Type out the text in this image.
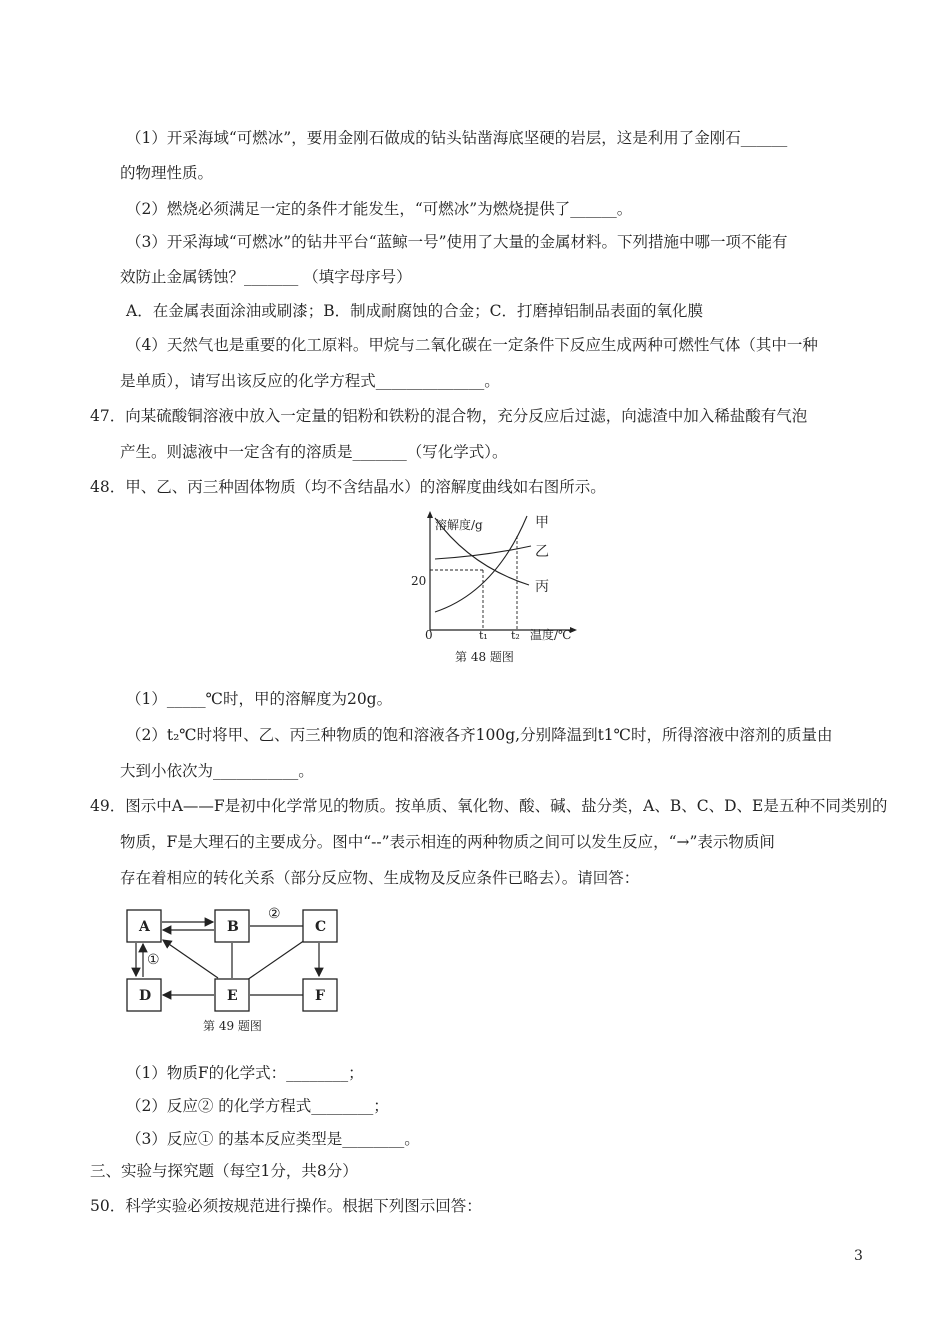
（1）开采海域“可燃冰”，要用金刚石做成的钻头钻凿海底坚硬的岩层，这是利用了金刚石______
的物理性质。
（2）燃烧必须满足一定的条件才能发生，“可燃冰”为燃烧提供了______。
（3）开采海域“可燃冰”的钻井平台“蓝鲸一号”使用了大量的金属材料。下列措施中哪一项不能有
效防止金属锈蚀？_______ （填字母序号）
A．在金属表面涂油或刷漆；B．制成耐腐蚀的合金；C．打磨掉铝制品表面的氧化膜
（4）天然气也是重要的化工原料。甲烷与二氧化碳在一定条件下反应生成两种可燃性气体（其中一种
是单质），请写出该反应的化学方程式______________。
47．向某硫酸铜溶液中放入一定量的铝粉和铁粉的混合物，充分反应后过滤，向滤渣中加入稀盐酸有气泡
产生。则滤液中一定含有的溶质是_______（写化学式）。
48．甲、乙、丙三种固体物质（均不含结晶水）的溶解度曲线如右图所示。
溶解度/g
20
0	t₁ t₂ 温度/℃
甲
乙
丙
第 48 题图
（1）_____℃时，甲的溶解度为20g。
（2）t₂℃时将甲、乙、丙三种物质的饱和溶液各齐100g,分别降温到t1℃时，所得溶液中溶剂的质量由
大到小依次为___________。
49．图示中A——F是初中化学常见的物质。按单质、氧化物、酸、碱、盐分类，A、B、C、D、E是五种不同类别的
物质，F是大理石的主要成分。图中“--”表示相连的两种物质之间可以发生反应，“→”表示物质间
存在着相应的转化关系（部分反应物、生成物及反应条件已略去）。请回答：
A	B	C
D	E	F
①
②
第 49 题图
（1）物质F的化学式：________；
（2）反应② 的化学方程式________；
（3）反应① 的基本反应类型是________。
三、实验与探究题（每空1分，共8分）
50．科学实验必须按规范进行操作。根据下列图示回答：
3
